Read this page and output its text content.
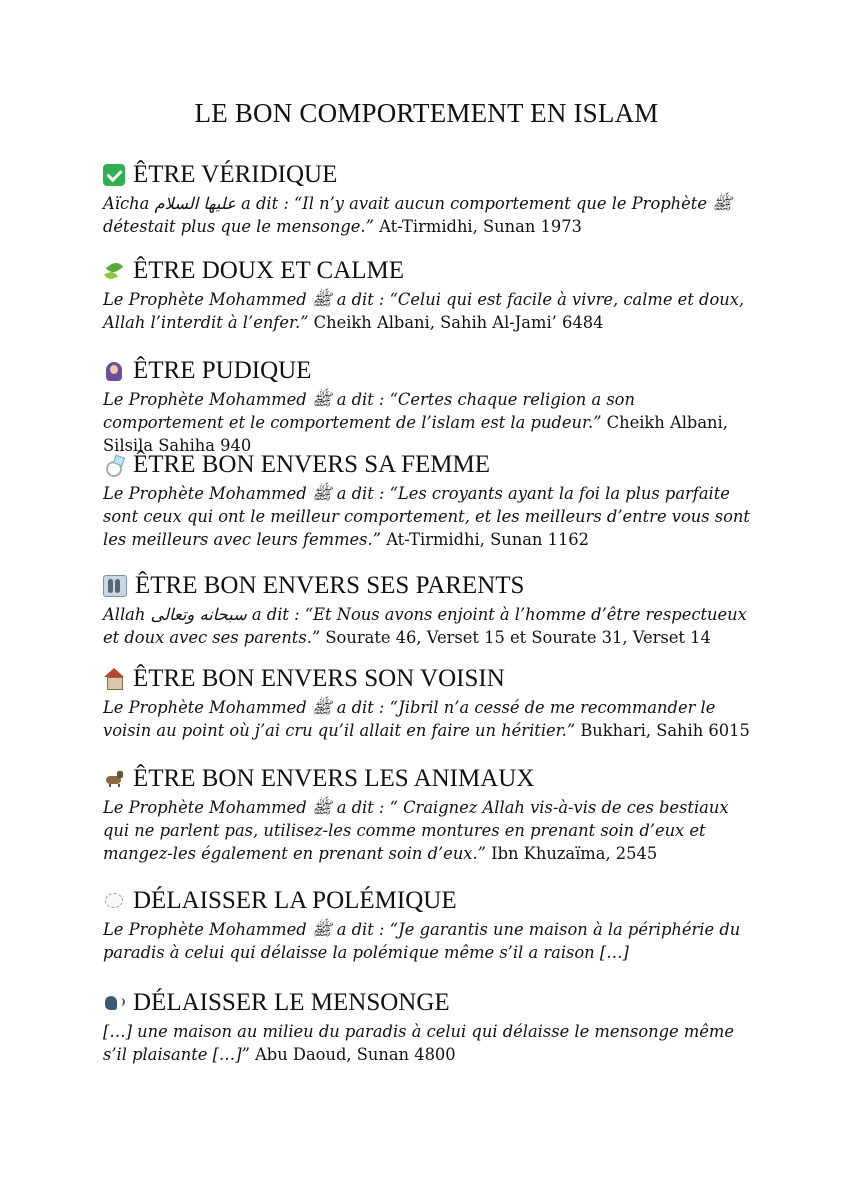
LE BON COMPORTEMENT EN ISLAM
ÊTRE VÉRIDIQUE

Aïcha عليها السلام a dit : “Il n’y avait aucun comportement que le Prophète ﷺ détestait plus que le mensonge.” At-Tirmidhi, Sunan 1973

ÊTRE DOUX ET CALME

Le Prophète Mohammed ﷺ a dit : “Celui qui est facile à vivre, calme et doux, Allah l’interdit à l’enfer.” Cheikh Albani, Sahih Al-Jami’ 6484

ÊTRE PUDIQUE

Le Prophète Mohammed ﷺ a dit : “Certes chaque religion a son comportement et le comportement de l’islam est la pudeur.” Cheikh Albani, Silsila Sahiha 940

ÊTRE BON ENVERS SA FEMME

Le Prophète Mohammed ﷺ a dit : “Les croyants ayant la foi la plus parfaite sont ceux qui ont le meilleur comportement, et les meilleurs d’entre vous sont les meilleurs avec leurs femmes.” At-Tirmidhi, Sunan 1162

ÊTRE BON ENVERS SES PARENTS

Allah سبحانه وتعالى a dit : “Et Nous avons enjoint à l’homme d’être respectueux et doux avec ses parents.” Sourate 46, Verset 15 et Sourate 31, Verset 14

ÊTRE BON ENVERS SON VOISIN

Le Prophète Mohammed ﷺ a dit : “Jibril n’a cessé de me recommander le voisin au point où j’ai cru qu’il allait en faire un héritier.” Bukhari, Sahih 6015

ÊTRE BON ENVERS LES ANIMAUX

Le Prophète Mohammed ﷺ a dit : “ Craignez Allah vis-à-vis de ces bestiaux qui ne parlent pas, utilisez-les comme montures en prenant soin d’eux et mangez-les également en prenant soin d’eux.” Ibn Khuzaïma, 2545

DÉLAISSER LA POLÉMIQUE

Le Prophète Mohammed ﷺ a dit : “Je garantis une maison à la périphérie du paradis à celui qui délaisse la polémique même s’il a raison […]

DÉLAISSER LE MENSONGE

[…] une maison au milieu du paradis à celui qui délaisse le mensonge même s’il plaisante […]” Abu Daoud, Sunan 4800
